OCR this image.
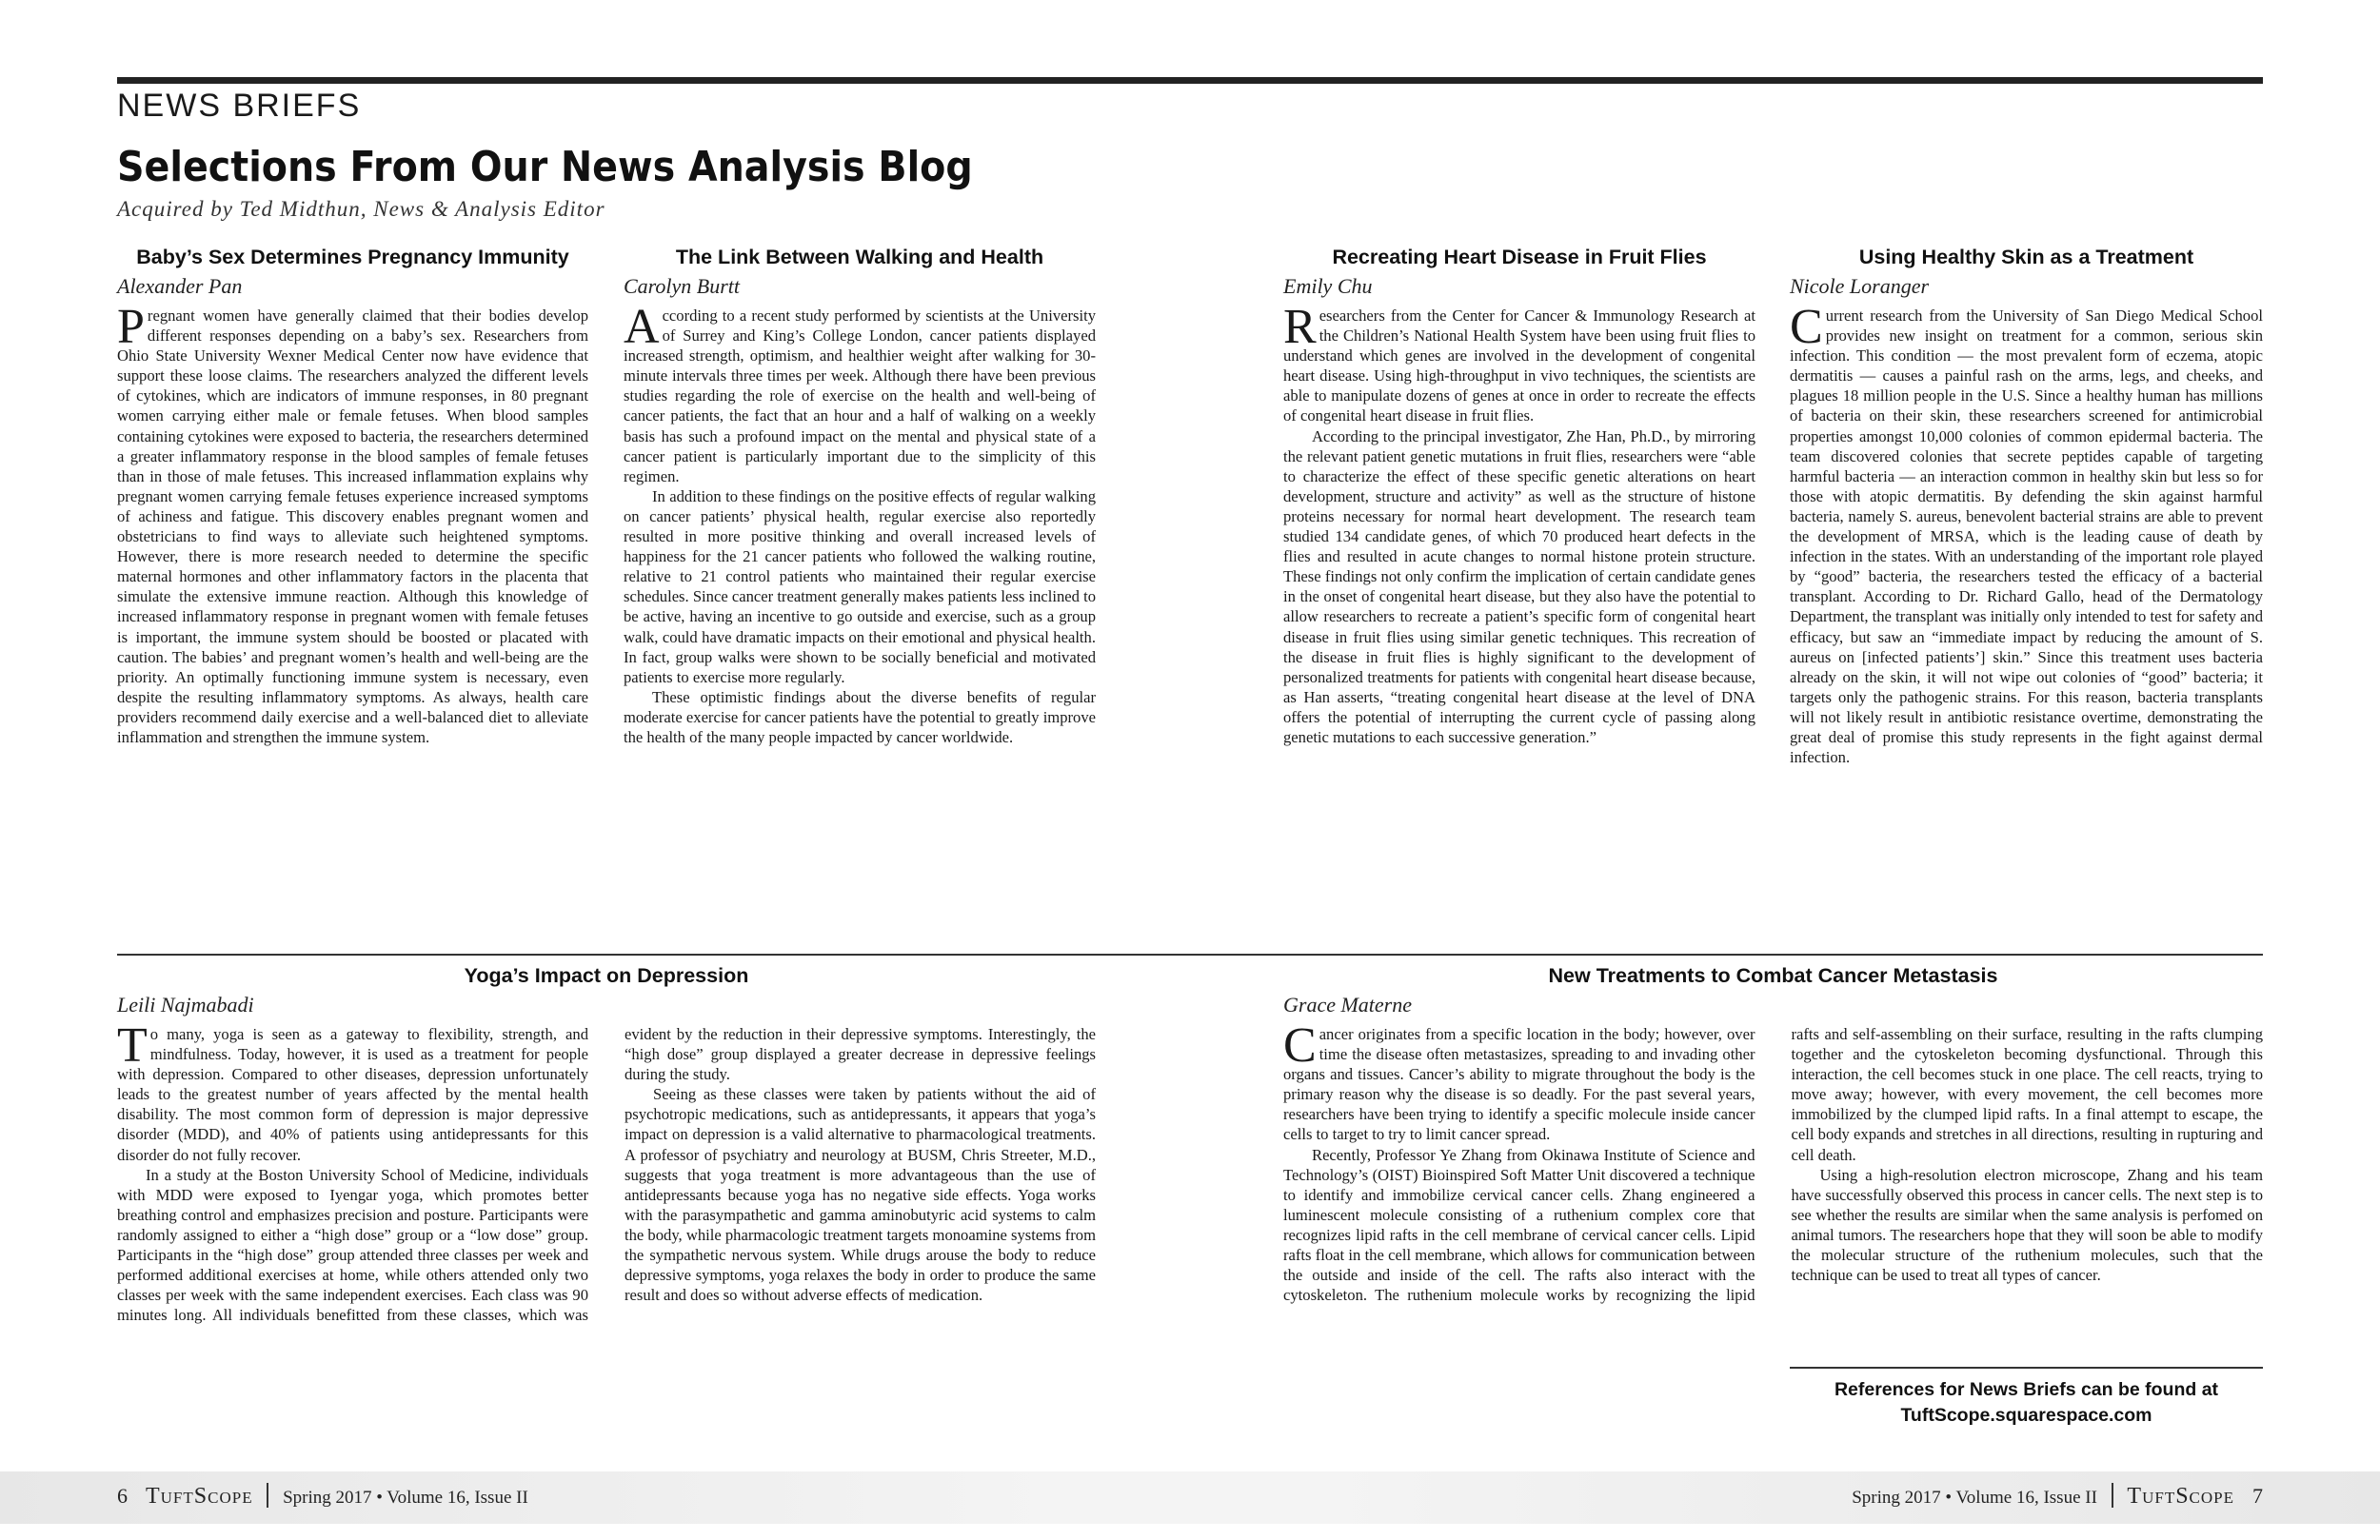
NEWS BRIEFS
Selections From Our News Analysis Blog
Acquired by Ted Midthun, News & Analysis Editor
Baby’s Sex Determines Pregnancy Immunity
Alexander Pan

Pregnant women have generally claimed that their bodies develop different responses depending on a baby’s sex. Researchers from Ohio State University Wexner Medical Center now have evidence that support these loose claims. The researchers analyzed the different levels of cytokines, which are indicators of immune responses, in 80 pregnant women carrying either male or female fetuses. When blood samples containing cytokines were exposed to bacteria, the researchers determined a greater inflammatory response in the blood samples of female fetuses than in those of male fetuses. This increased inflammation explains why pregnant women carrying female fetuses experience increased symptoms of achiness and fatigue. This discovery enables pregnant women and obstetricians to find ways to alleviate such heightened symptoms. However, there is more research needed to determine the specific maternal hormones and other inflammatory factors in the placenta that simulate the extensive immune reaction. Although this knowledge of increased inflammatory response in pregnant women with female fetuses is important, the immune system should be boosted or placated with caution. The babies’ and pregnant women’s health and well-being are the priority. An optimally functioning immune system is necessary, even despite the resulting inflammatory symptoms. As always, health care providers recommend daily exercise and a well-balanced diet to alleviate inflammation and strengthen the immune system.

The Link Between Walking and Health
Carolyn Burtt

According to a recent study performed by scientists at the University of Surrey and King’s College London, cancer patients displayed increased strength, optimism, and healthier weight after walking for 30-minute intervals three times per week. Although there have been previous studies regarding the role of exercise on the health and well-being of cancer patients, the fact that an hour and a half of walking on a weekly basis has such a profound impact on the mental and physical state of a cancer patient is particularly important due to the simplicity of this regimen.

In addition to these findings on the positive effects of regular walking on cancer patients’ physical health, regular exercise also reportedly resulted in more positive thinking and overall increased levels of happiness for the 21 cancer patients who followed the walking routine, relative to 21 control patients who maintained their regular exercise schedules. Since cancer treatment generally makes patients less inclined to be active, having an incentive to go outside and exercise, such as a group walk, could have dramatic impacts on their emotional and physical health. In fact, group walks were shown to be socially beneficial and motivated patients to exercise more regularly.

These optimistic findings about the diverse benefits of regular moderate exercise for cancer patients have the potential to greatly improve the health of the many people impacted by cancer worldwide.

Recreating Heart Disease in Fruit Flies
Emily Chu

Researchers from the Center for Cancer & Immunology Research at the Children’s National Health System have been using fruit flies to understand which genes are involved in the development of congenital heart disease. Using high-throughput in vivo techniques, the scientists are able to manipulate dozens of genes at once in order to recreate the effects of congenital heart disease in fruit flies.

According to the principal investigator, Zhe Han, Ph.D., by mirroring the relevant patient genetic mutations in fruit flies, researchers were “able to characterize the effect of these specific genetic alterations on heart development, structure and activity” as well as the structure of histone proteins necessary for normal heart development. The research team studied 134 candidate genes, of which 70 produced heart defects in the flies and resulted in acute changes to normal histone protein structure. These findings not only confirm the implication of certain candidate genes in the onset of congenital heart disease, but they also have the potential to allow researchers to recreate a patient’s specific form of congenital heart disease in fruit flies using similar genetic techniques. This recreation of the disease in fruit flies is highly significant to the development of personalized treatments for patients with congenital heart disease because, as Han asserts, “treating congenital heart disease at the level of DNA offers the potential of interrupting the current cycle of passing along genetic mutations to each successive generation.”

Using Healthy Skin as a Treatment
Nicole Loranger

Current research from the University of San Diego Medical School provides new insight on treatment for a common, serious skin infection. This condition — the most prevalent form of eczema, atopic dermatitis — causes a painful rash on the arms, legs, and cheeks, and plagues 18 million people in the U.S. Since a healthy human has millions of bacteria on their skin, these researchers screened for antimicrobial properties amongst 10,000 colonies of common epidermal bacteria. The team discovered colonies that secrete peptides capable of targeting harmful bacteria — an interaction common in healthy skin but less so for those with atopic dermatitis. By defending the skin against harmful bacteria, namely S. aureus, benevolent bacterial strains are able to prevent the development of MRSA, which is the leading cause of death by infection in the states. With an understanding of the important role played by “good” bacteria, the researchers tested the efficacy of a bacterial transplant. According to Dr. Richard Gallo, head of the Dermatology Department, the transplant was initially only intended to test for safety and efficacy, but saw an “immediate impact by reducing the amount of S. aureus on [infected patients’] skin.” Since this treatment uses bacteria already on the skin, it will not wipe out colonies of “good” bacteria; it targets only the pathogenic strains. For this reason, bacteria transplants will not likely result in antibiotic resistance overtime, demonstrating the great deal of promise this study represents in the fight against dermal infection.

Yoga’s Impact on Depression
Leili Najmabadi

To many, yoga is seen as a gateway to flexibility, strength, and mindfulness. Today, however, it is used as a treatment for people with depression. Compared to other diseases, depression unfortunately leads to the greatest number of years affected by the mental health disability. The most common form of depression is major depressive disorder (MDD), and 40% of patients using antidepressants for this disorder do not fully recover.

In a study at the Boston University School of Medicine, individuals with MDD were exposed to Iyengar yoga, which promotes better breathing control and emphasizes precision and posture. Participants were randomly assigned to either a “high dose” group or a “low dose” group. Participants in the “high dose” group attended three classes per week and performed additional exercises at home, while others attended only two classes per week with the same independent exercises. Each class was 90 minutes long. All individuals benefitted from these classes, which was evident by the reduction in their depressive symptoms. Interestingly, the “high dose” group displayed a greater decrease in depressive feelings during the study.

Seeing as these classes were taken by patients without the aid of psychotropic medications, such as antidepressants, it appears that yoga’s impact on depression is a valid alternative to pharmacological treatments. A professor of psychiatry and neurology at BUSM, Chris Streeter, M.D., suggests that yoga treatment is more advantageous than the use of antidepressants because yoga has no negative side effects. Yoga works with the parasympathetic and gamma aminobutyric acid systems to calm the body, while pharmacologic treatment targets monoamine systems from the sympathetic nervous system. While drugs arouse the body to reduce depressive symptoms, yoga relaxes the body in order to produce the same result and does so without adverse effects of medication.

New Treatments to Combat Cancer Metastasis
Grace Materne

Cancer originates from a specific location in the body; however, over time the disease often metastasizes, spreading to and invading other organs and tissues. Cancer’s ability to migrate throughout the body is the primary reason why the disease is so deadly. For the past several years, researchers have been trying to identify a specific molecule inside cancer cells to target to try to limit cancer spread.

Recently, Professor Ye Zhang from Okinawa Institute of Science and Technology’s (OIST) Bioinspired Soft Matter Unit discovered a technique to identify and immobilize cervical cancer cells. Zhang engineered a luminescent molecule consisting of a ruthenium complex core that recognizes lipid rafts in the cell membrane of cervical cancer cells. Lipid rafts float in the cell membrane, which allows for communication between the outside and inside of the cell. The rafts also interact with the cytoskeleton. The ruthenium molecule works by recognizing the lipid rafts and self-assembling on their surface, resulting in the rafts clumping together and the cytoskeleton becoming dysfunctional. Through this interaction, the cell becomes stuck in one place. The cell reacts, trying to move away; however, with every movement, the cell becomes more immobilized by the clumped lipid rafts. In a final attempt to escape, the cell body expands and stretches in all directions, resulting in rupturing and cell death.

Using a high-resolution electron microscope, Zhang and his team have successfully observed this process in cancer cells. The next step is to see whether the results are similar when the same analysis is perfomed on animal tumors. The researchers hope that they will soon be able to modify the molecular structure of the ruthenium molecules, such that the technique can be used to treat all types of cancer.

References for News Briefs can be found at
TuftScope.squarespace.com
6 TuftScope Spring 2017 • Volume 16, Issue II	Spring 2017 • Volume 16, Issue II TuftScope 7
